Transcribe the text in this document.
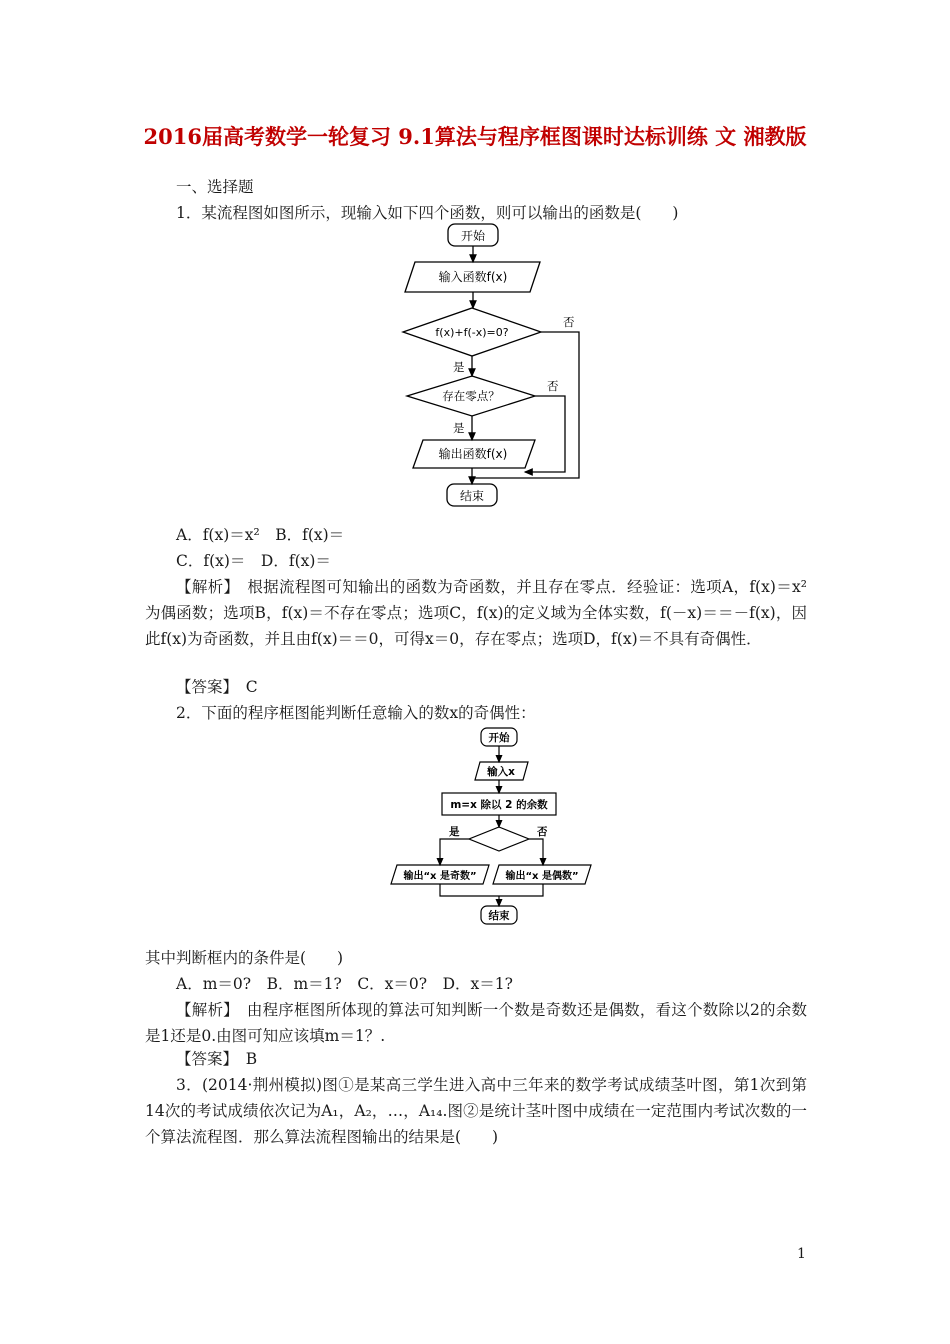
2016届高考数学一轮复习 9.1算法与程序框图课时达标训练 文 湘教版
一、选择题
1．某流程图如图所示，现输入如下四个函数，则可以输出的函数是(　　)
开始
输入函数f(x)
f(x)+f(-x)=0?
存在零点？
输出函数f(x)
结束
是
是
否
否
A．f(x)＝x²　B．f(x)＝
C．f(x)＝　D．f(x)＝
【解析】　根据流程图可知输出的函数为奇函数，并且存在零点．经验证：选项A，f(x)＝x²为偶函数；选项B，f(x)＝不存在零点；选项C，f(x)的定义域为全体实数，f(－x)＝＝－f(x)，因此f(x)为奇函数，并且由f(x)＝＝0，可得x＝0，存在零点；选项D，f(x)＝不具有奇偶性．
【答案】　C
2．下面的程序框图能判断任意输入的数x的奇偶性：
开始
输入x
m=x 除以 2 的余数
是	否
输出“x 是奇数”	输出“x 是偶数”
结束
其中判断框内的条件是(　　)
A．m＝0?　B．m＝1?　C．x＝0?　D．x＝1?
【解析】　由程序框图所体现的算法可知判断一个数是奇数还是偶数，看这个数除以2的余数是1还是0.由图可知应该填m＝1？.
【答案】　B
3．(2014·荆州模拟)图①是某高三学生进入高中三年来的数学考试成绩茎叶图，第1次到第14次的考试成绩依次记为A₁，A₂，…，A₁₄.图②是统计茎叶图中成绩在一定范围内考试次数的一个算法流程图．那么算法流程图输出的结果是(　　)
1
